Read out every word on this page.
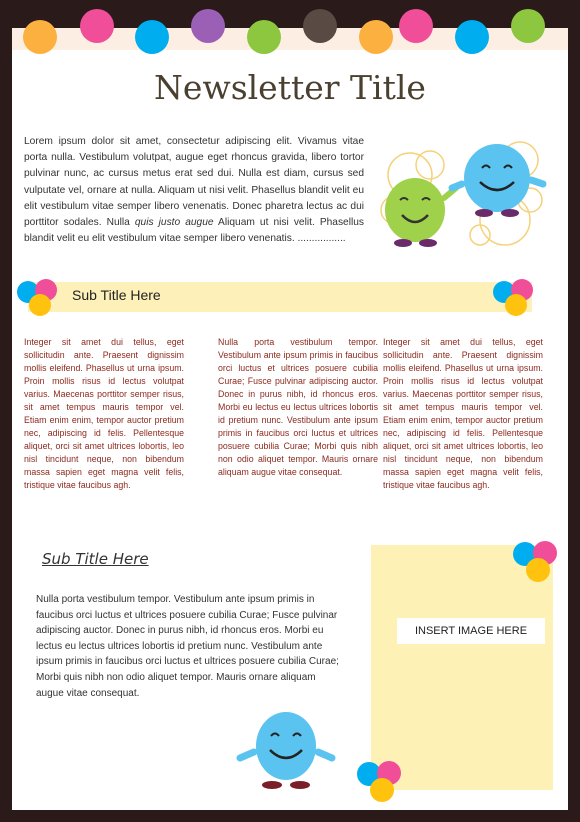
Newsletter Title
Lorem ipsum dolor sit amet, consectetur adipiscing elit. Vivamus vitae porta nulla. Vestibulum volutpat, augue eget rhoncus gravida, libero tortor pulvinar nunc, ac cursus metus erat sed dui. Nulla est diam, cursus sed vulputate vel, ornare at nulla. Aliquam ut nisi velit. Phasellus blandit velit eu elit vestibulum vitae semper libero venenatis. Donec pharetra lectus ac dui porttitor sodales. Nulla quis justo augue Aliquam ut nisi velit. Phasellus blandit velit eu elit vestibulum vitae semper libero venenatis. .................
Sub Title Here
Integer sit amet dui tellus, eget sollicitudin ante. Praesent dignissim mollis eleifend. Phasellus ut urna ipsum. Proin mollis risus id lectus volutpat varius. Maecenas porttitor semper risus, sit amet tempus mauris tempor vel. Etiam enim enim, tempor auctor pretium nec, adipiscing id felis. Pellentesque aliquet, orci sit amet ultrices lobortis, leo nisl tincidunt neque, non bibendum massa sapien eget magna velit felis, tristique vitae faucibus agh.
Nulla porta vestibulum tempor. Vestibulum ante ipsum primis in faucibus orci luctus et ultrices posuere cubilia Curae; Fusce pulvinar adipiscing auctor. Donec in purus nibh, id rhoncus eros. Morbi eu lectus eu lectus ultrices lobortis id pretium nunc. Vestibulum ante ipsum primis in faucibus orci luctus et ultrices posuere cubilia Curae; Morbi quis nibh non odio aliquet tempor. Mauris ornare aliquam augue vitae consequat.
Integer sit amet dui tellus, eget sollicitudin ante. Praesent dignissim mollis eleifend. Phasellus ut urna ipsum. Proin mollis risus id lectus volutpat varius. Maecenas porttitor semper risus, sit amet tempus mauris tempor vel. Etiam enim enim, tempor auctor pretium nec, adipiscing id felis. Pellentesque aliquet, orci sit amet ultrices lobortis, leo nisl tincidunt neque, non bibendum massa sapien eget magna velit felis, tristique vitae faucibus agh.
Sub Title Here
Nulla porta vestibulum tempor. Vestibulum ante ipsum primis in
faucibus orci luctus et ultrices posuere cubilia Curae; Fusce pulvinar
adipiscing auctor. Donec in purus nibh, id rhoncus eros. Morbi eu
lectus eu lectus ultrices lobortis id pretium nunc. Vestibulum ante
ipsum primis in faucibus orci luctus et ultrices posuere cubilia Curae;
Morbi quis nibh non odio aliquet tempor. Mauris ornare aliquam
augue vitae consequat.
INSERT IMAGE HERE
